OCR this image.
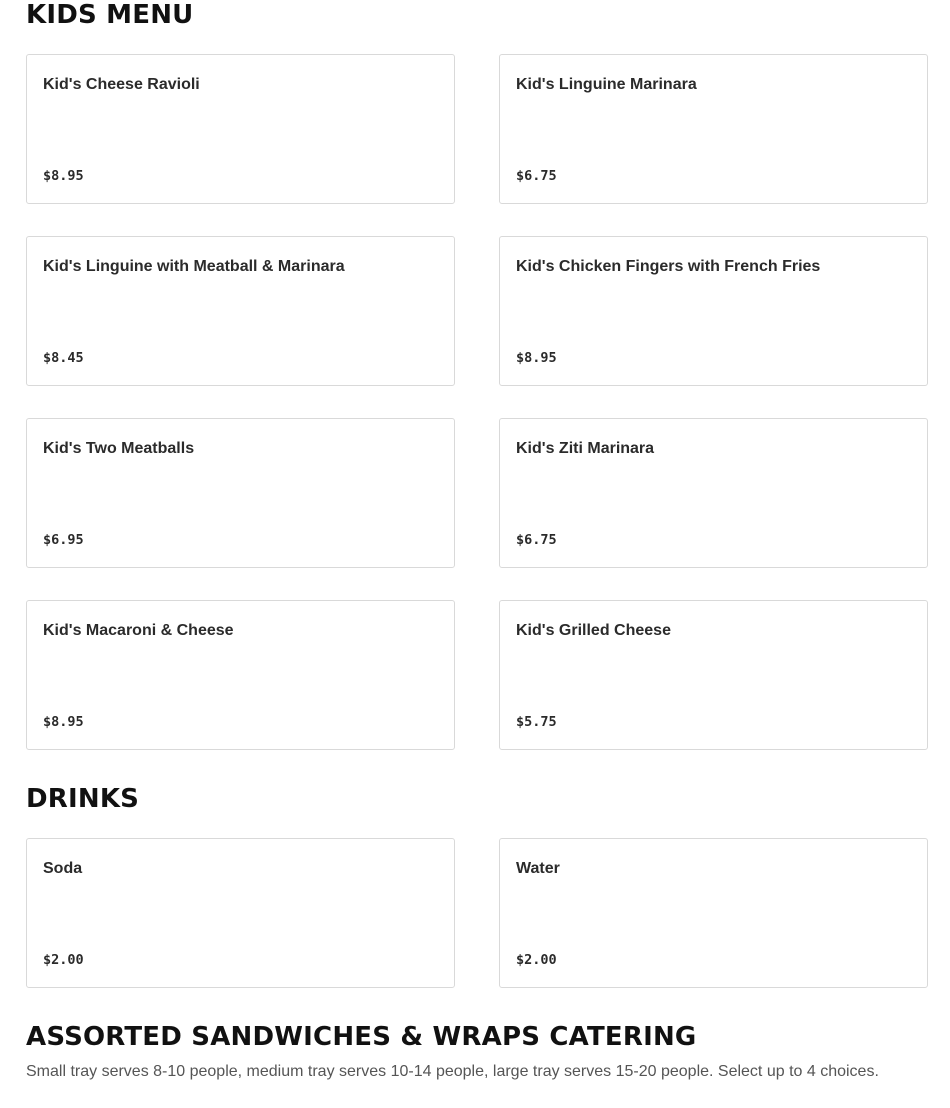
KIDS MENU
Kid's Cheese Ravioli
$8.95
Kid's Linguine Marinara
$6.75
Kid's Linguine with Meatball & Marinara
$8.45
Kid's Chicken Fingers with French Fries
$8.95
Kid's Two Meatballs
$6.95
Kid's Ziti Marinara
$6.75
Kid's Macaroni & Cheese
$8.95
Kid's Grilled Cheese
$5.75
DRINKS
Soda
$2.00
Water
$2.00
ASSORTED SANDWICHES & WRAPS CATERING

Small tray serves 8-10 people, medium tray serves 10-14 people, large tray serves 15-20 people. Select up to 4 choices.
